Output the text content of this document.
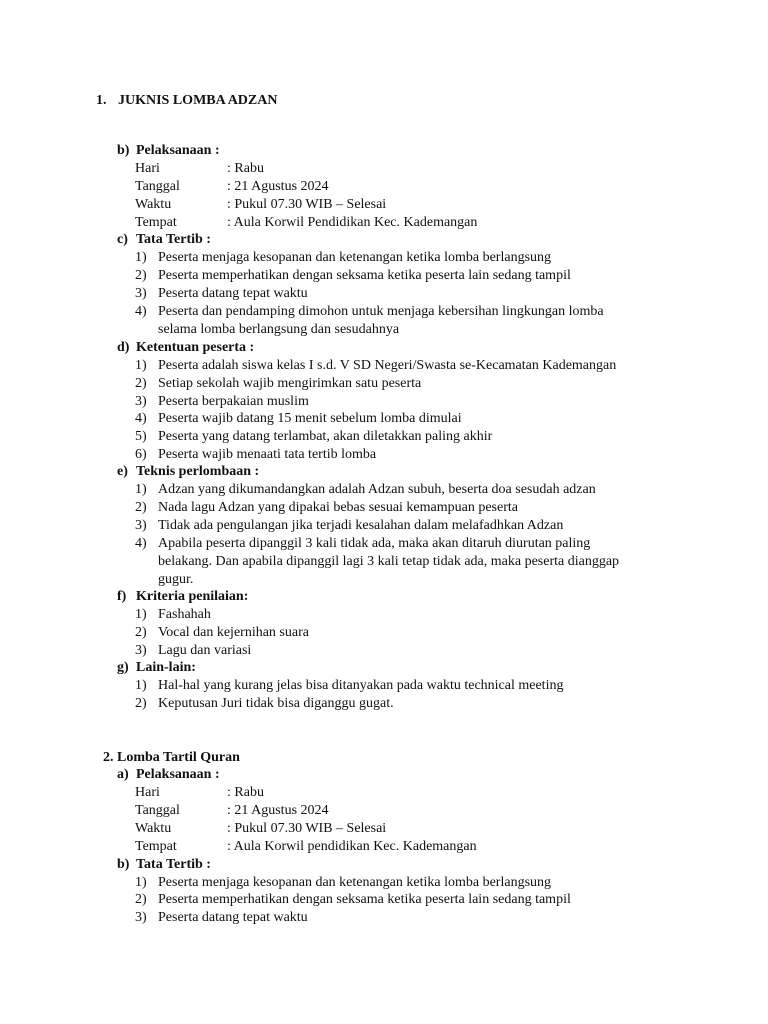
1. JUKNIS LOMBA ADZAN
b) Pelaksanaan :
Hari	: Rabu
Tanggal	: 21 Agustus 2024
Waktu	: Pukul 07.30 WIB – Selesai
Tempat	: Aula Korwil Pendidikan Kec. Kademangan
c) Tata Tertib :
1) Peserta menjaga kesopanan dan ketenangan ketika lomba berlangsung
2) Peserta memperhatikan dengan seksama ketika peserta lain sedang tampil
3) Peserta datang tepat waktu
4) Peserta dan pendamping dimohon untuk menjaga kebersihan lingkungan lomba
selama lomba berlangsung dan sesudahnya
d) Ketentuan peserta :
1) Peserta adalah siswa kelas I s.d. V SD Negeri/Swasta se-Kecamatan Kademangan
2) Setiap sekolah wajib mengirimkan satu peserta
3) Peserta berpakaian muslim
4) Peserta wajib datang 15 menit sebelum lomba dimulai
5) Peserta yang datang terlambat, akan diletakkan paling akhir
6) Peserta wajib menaati tata tertib lomba
e) Teknis perlombaan :
1) Adzan yang dikumandangkan adalah Adzan subuh, beserta doa sesudah adzan
2) Nada lagu Adzan yang dipakai bebas sesuai kemampuan peserta
3) Tidak ada pengulangan jika terjadi kesalahan dalam melafadhkan Adzan
4) Apabila peserta dipanggil 3 kali tidak ada, maka akan ditaruh diurutan paling
belakang. Dan apabila dipanggil lagi 3 kali tetap tidak ada, maka peserta dianggap
gugur.
f) Kriteria penilaian:
1) Fashahah
2) Vocal dan kejernihan suara
3) Lagu dan variasi
g) Lain-lain:
1) Hal-hal yang kurang jelas bisa ditanyakan pada waktu technical meeting
2) Keputusan Juri tidak bisa diganggu gugat.
2. Lomba Tartil Quran
a) Pelaksanaan :
Hari	: Rabu
Tanggal	: 21 Agustus 2024
Waktu	: Pukul 07.30 WIB – Selesai
Tempat	: Aula Korwil pendidikan Kec. Kademangan
b) Tata Tertib :
1) Peserta menjaga kesopanan dan ketenangan ketika lomba berlangsung
2) Peserta memperhatikan dengan seksama ketika peserta lain sedang tampil
3) Peserta datang tepat waktu
